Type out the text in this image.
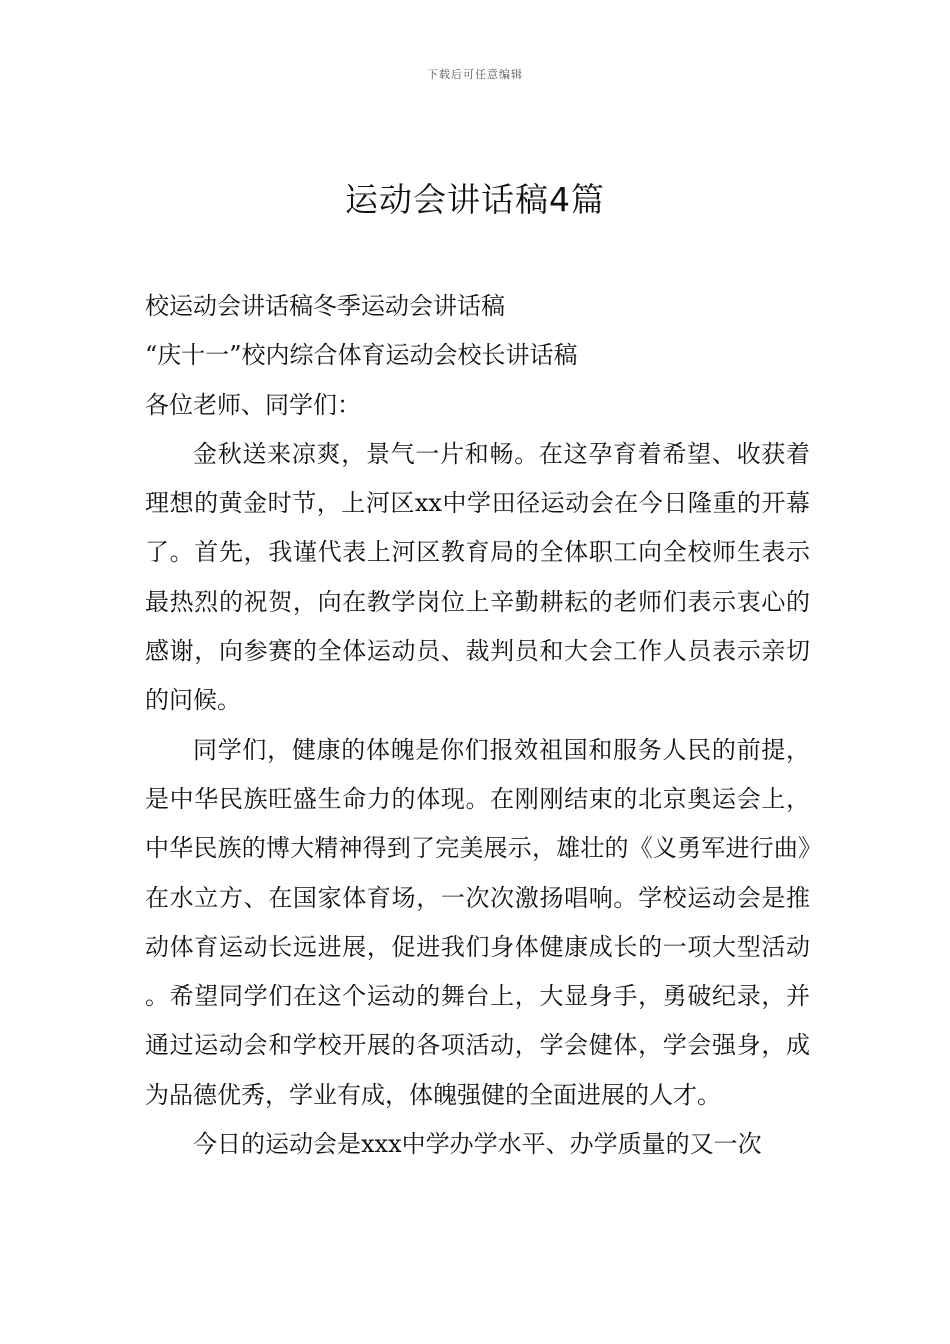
下载后可任意编辑
运动会讲话稿4篇

校运动会讲话稿冬季运动会讲话稿

“庆十一”校内综合体育运动会校长讲话稿

各位老师、同学们：

金秋送来凉爽，景气一片和畅。在这孕育着希望、收获着理想的黄金时节，上河区xx中学田径运动会在今日隆重的开幕了。首先，我谨代表上河区教育局的全体职工向全校师生表示最热烈的祝贺，向在教学岗位上辛勤耕耘的老师们表示衷心的感谢，向参赛的全体运动员、裁判员和大会工作人员表示亲切的问候。

同学们，健康的体魄是你们报效祖国和服务人民的前提，是中华民族旺盛生命力的体现。在刚刚结束的北京奥运会上，中华民族的博大精神得到了完美展示，雄壮的《义勇军进行曲》在水立方、在国家体育场，一次次激扬唱响。学校运动会是推动体育运动长远进展，促进我们身体健康成长的一项大型活动。希望同学们在这个运动的舞台上，大显身手，勇破纪录，并通过运动会和学校开展的各项活动，学会健体，学会强身，成为品德优秀，学业有成，体魄强健的全面进展的人才。

今日的运动会是xxx中学办学水平、办学质量的又一次
